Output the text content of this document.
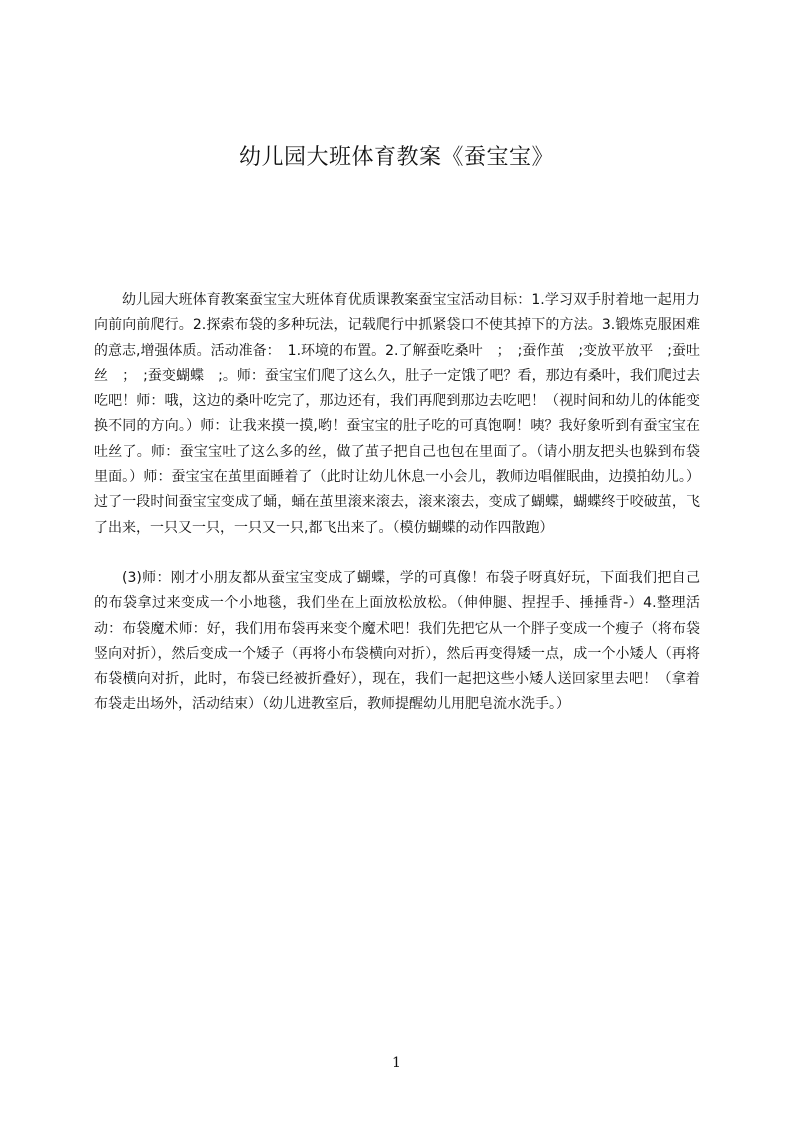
幼儿园大班体育教案《蚕宝宝》

幼儿园大班体育教案蚕宝宝大班体育优质课教案蚕宝宝活动目标：1.学习双手肘着地一起用力向前向前爬行。2.探索布袋的多种玩法，记载爬行中抓紧袋口不使其掉下的方法。3.锻炼克服困难的意志,增强体质。活动准备：　1.环境的布置。2.了解蚕吃桑叶　；　;蚕作茧　;变放平放平　;蚕吐丝　；　;蚕变蝴蝶　;。师：蚕宝宝们爬了这么久，肚子一定饿了吧？看，那边有桑叶，我们爬过去吃吧！师：哦，这边的桑叶吃完了，那边还有，我们再爬到那边去吃吧！（视时间和幼儿的体能变换不同的方向。）师：让我来摸一摸,哟！蚕宝宝的肚子吃的可真饱啊！咦？我好象听到有蚕宝宝在吐丝了。师：蚕宝宝吐了这么多的丝，做了茧子把自己也包在里面了。（请小朋友把头也躲到布袋里面。）师：蚕宝宝在茧里面睡着了（此时让幼儿休息一小会儿，教师边唱催眠曲，边摸拍幼儿。）过了一段时间蚕宝宝变成了蛹，蛹在茧里滚来滚去，滚来滚去，变成了蝴蝶，蝴蝶终于咬破茧，飞了出来，一只又一只，一只又一只,都飞出来了。（模仿蝴蝶的动作四散跑）

(3)师：刚才小朋友都从蚕宝宝变成了蝴蝶，学的可真像！布袋子呀真好玩，下面我们把自己的布袋拿过来变成一个小地毯，我们坐在上面放松放松。（伸伸腿、捏捏手、捶捶背-）4.整理活动：布袋魔术师：好，我们用布袋再来变个魔术吧！我们先把它从一个胖子变成一个瘦子（将布袋竖向对折），然后变成一个矮子（再将小布袋横向对折），然后再变得矮一点，成一个小矮人（再将布袋横向对折，此时，布袋已经被折叠好），现在，我们一起把这些小矮人送回家里去吧！（拿着布袋走出场外，活动结束）（幼儿进教室后，教师提醒幼儿用肥皂流水洗手。）

1
